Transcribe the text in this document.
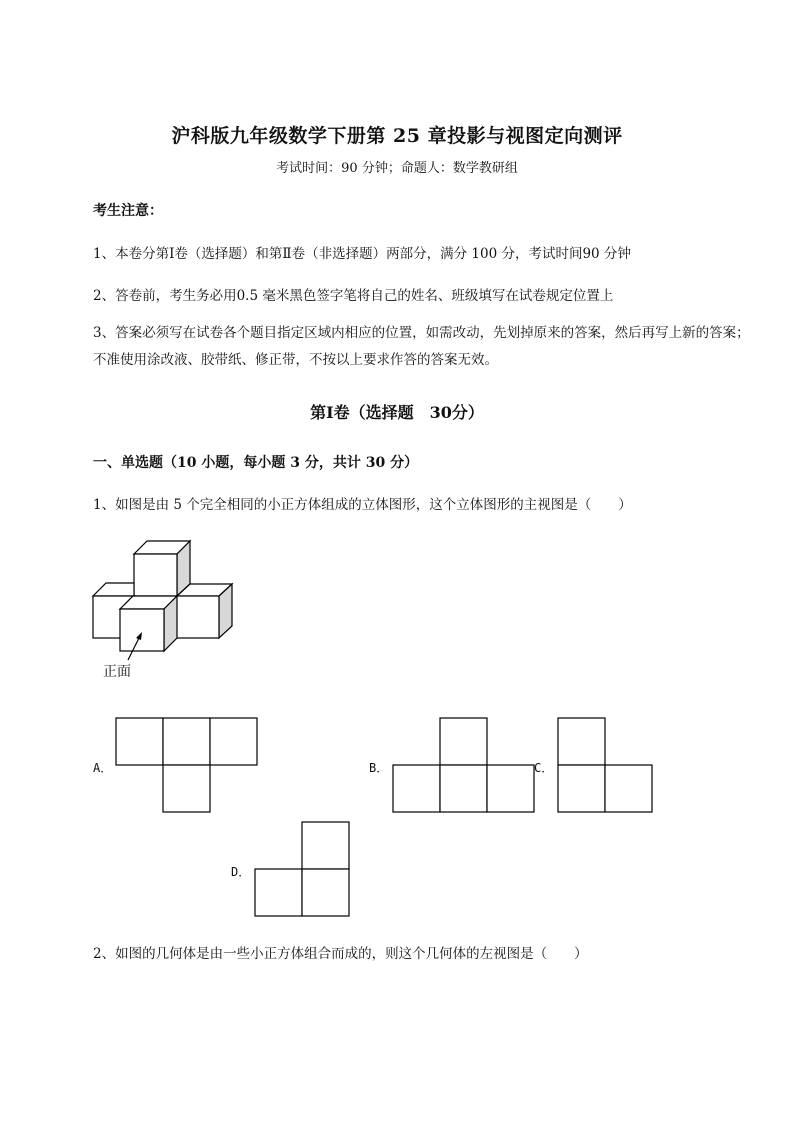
沪科版九年级数学下册第 25 章投影与视图定向测评
考试时间：90 分钟；命题人：数学教研组
考生注意：
1、本卷分第Ⅰ卷（选择题）和第Ⅱ卷（非选择题）两部分，满分 100 分，考试时间90 分钟
2、答卷前，考生务必用0.5 毫米黑色签字笔将自己的姓名、班级填写在试卷规定位置上
3、答案必须写在试卷各个题目指定区域内相应的位置，如需改动，先划掉原来的答案，然后再写上新的答案；不准使用涂改液、胶带纸、修正带，不按以上要求作答的答案无效。
第Ⅰ卷（选择题　30分）
一、单选题（10 小题，每小题 3 分，共计 30 分）
1、如图是由 5 个完全相同的小正方体组成的立体图形，这个立体图形的主视图是（　　）
正面
A．	B．	C．
D．
2、如图的几何体是由一些小正方体组合而成的，则这个几何体的左视图是（　　）
